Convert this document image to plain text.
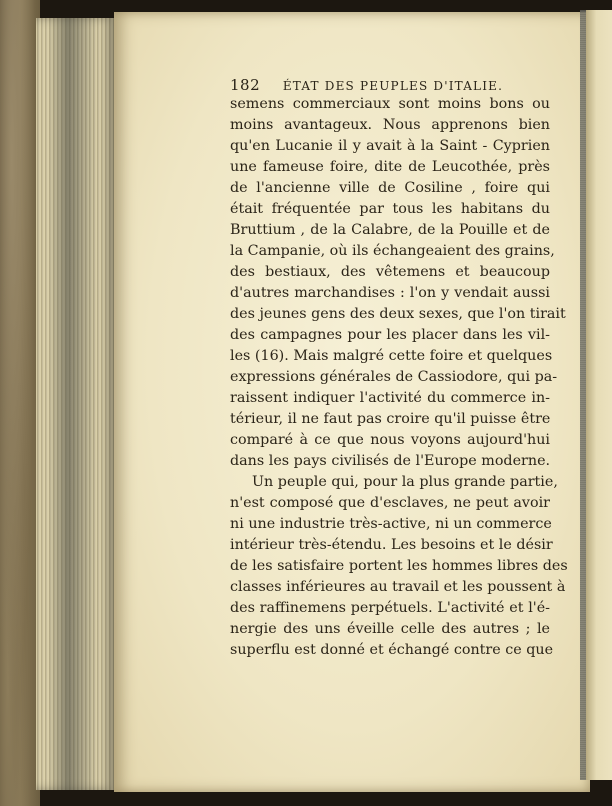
182 ÉTAT DES PEUPLES D'ITALIE.
semens commerciaux sont moins bons ou
moins avantageux. Nous apprenons bien
qu'en Lucanie il y avait à la Saint - Cyprien
une fameuse foire, dite de Leucothée, près
de l'ancienne ville de Cosiline , foire qui
était fréquentée par tous les habitans du
Bruttium , de la Calabre, de la Pouille et de
la Campanie, où ils échangeaient des grains,
des bestiaux, des vêtemens et beaucoup
d'autres marchandises : l'on y vendait aussi
des jeunes gens des deux sexes, que l'on tirait
des campagnes pour les placer dans les vil-
les (16). Mais malgré cette foire et quelques
expressions générales de Cassiodore, qui pa-
raissent indiquer l'activité du commerce in-
térieur, il ne faut pas croire qu'il puisse être
comparé à ce que nous voyons aujourd'hui
dans les pays civilisés de l'Europe moderne.
Un peuple qui, pour la plus grande partie,
n'est composé que d'esclaves, ne peut avoir
ni une industrie très-active, ni un commerce
intérieur très-étendu. Les besoins et le désir
de les satisfaire portent les hommes libres des
classes inférieures au travail et les poussent à
des raffinemens perpétuels. L'activité et l'é-
nergie des uns éveille celle des autres ; le
superflu est donné et échangé contre ce que
